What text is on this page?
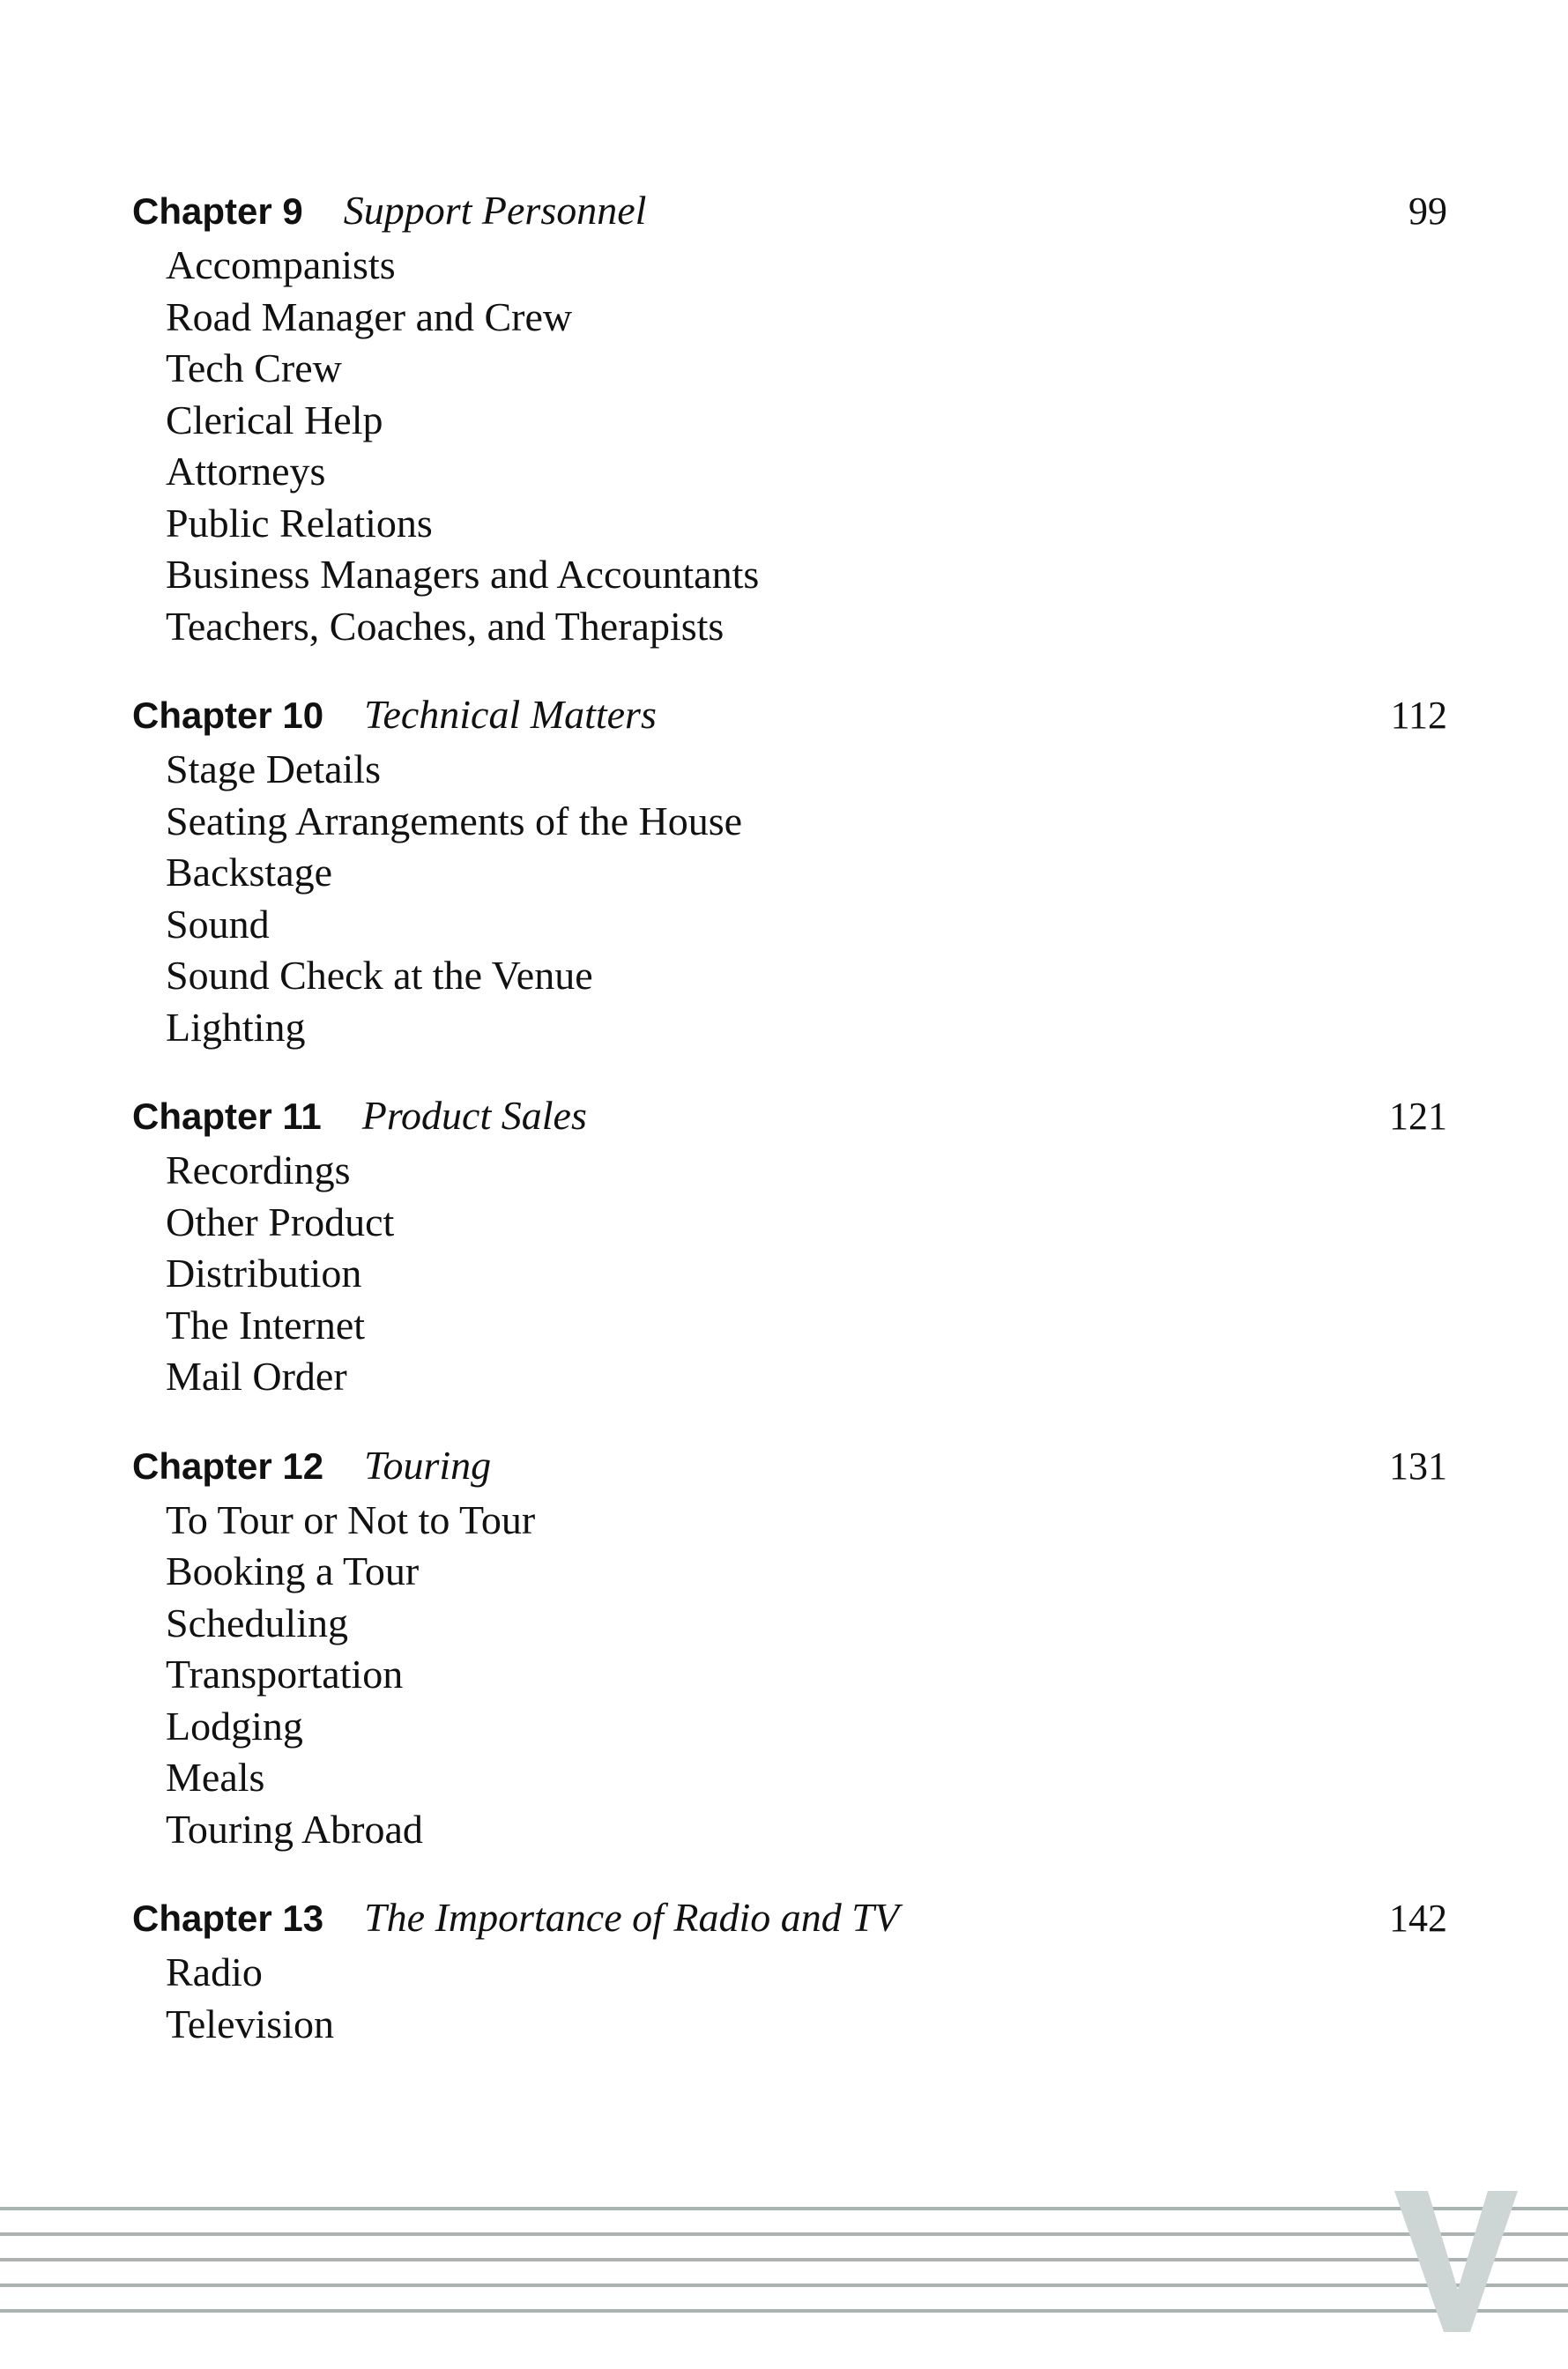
Chapter 9 Support Personnel	99
Accompanists
Road Manager and Crew
Tech Crew
Clerical Help
Attorneys
Public Relations
Business Managers and Accountants
Teachers, Coaches, and Therapists
Chapter 10 Technical Matters	112
Stage Details
Seating Arrangements of the House
Backstage
Sound
Sound Check at the Venue
Lighting
Chapter 11 Product Sales	121
Recordings
Other Product
Distribution
The Internet
Mail Order
Chapter 12 Touring	131
To Tour or Not to Tour
Booking a Tour
Scheduling
Transportation
Lodging
Meals
Touring Abroad
Chapter 13 The Importance of Radio and TV	142
Radio
Television
